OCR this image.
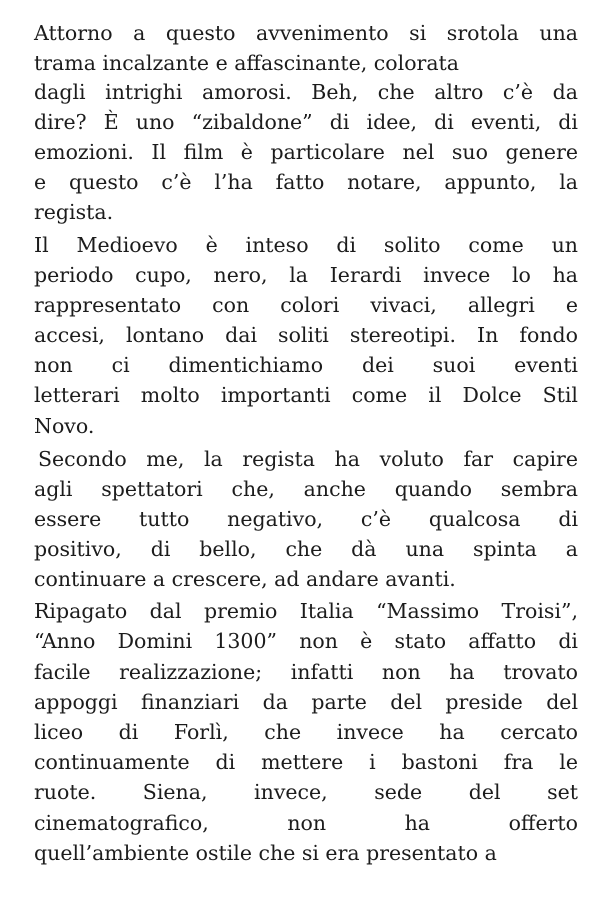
Attorno a questo avvenimento si srotola una
trama incalzante e affascinante, colorata
dagli intrighi amorosi. Beh, che altro c’è da
dire? È uno “zibaldone” di idee, di eventi, di
emozioni. Il film è particolare nel suo genere
e questo c’è l’ha fatto notare, appunto, la
regista.
Il Medioevo è inteso di solito come un
periodo cupo, nero, la Ierardi invece lo ha
rappresentato con colori vivaci, allegri e
accesi, lontano dai soliti stereotipi. In fondo
non ci dimentichiamo dei suoi eventi
letterari molto importanti come il Dolce Stil
Novo.
Secondo me, la regista ha voluto far capire
agli spettatori che, anche quando sembra
essere tutto negativo, c’è qualcosa di
positivo, di bello, che dà una spinta a
continuare a crescere, ad andare avanti.
Ripagato dal premio Italia “Massimo Troisi”,
“Anno Domini 1300” non è stato affatto di
facile realizzazione; infatti non ha trovato
appoggi finanziari da parte del preside del
liceo di Forlì, che invece ha cercato
continuamente di mettere i bastoni fra le
ruote. Siena, invece, sede del set
cinematografico, non ha offerto
quell’ambiente ostile che si era presentato a
